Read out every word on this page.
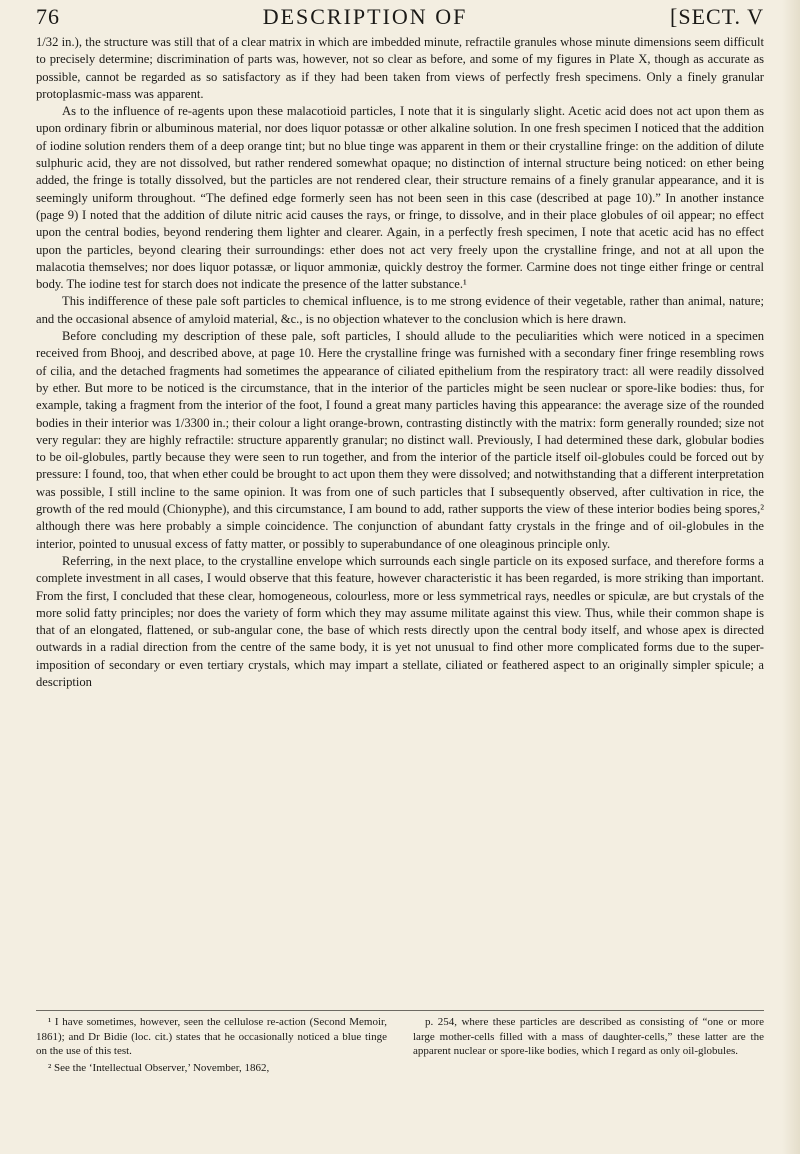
76	DESCRIPTION OF	[SECT. V

1/32 in.), the structure was still that of a clear matrix in which are imbedded minute, refractile granules whose minute dimensions seem difficult to precisely determine; discrimination of parts was, however, not so clear as before, and some of my figures in Plate X, though as accurate as possible, cannot be regarded as so satisfactory as if they had been taken from views of perfectly fresh specimens. Only a finely granular protoplasmic-mass was apparent.

As to the influence of re-agents upon these malacotioid particles, I note that it is singularly slight. Acetic acid does not act upon them as upon ordinary fibrin or albuminous material, nor does liquor potassæ or other alkaline solution. In one fresh specimen I noticed that the addition of iodine solution renders them of a deep orange tint; but no blue tinge was apparent in them or their crystalline fringe: on the addition of dilute sulphuric acid, they are not dissolved, but rather rendered somewhat opaque; no distinction of internal structure being noticed: on ether being added, the fringe is totally dissolved, but the particles are not rendered clear, their structure remains of a finely granular appearance, and it is seemingly uniform throughout. “The defined edge formerly seen has not been seen in this case (described at page 10).” In another instance (page 9) I noted that the addition of dilute nitric acid causes the rays, or fringe, to dissolve, and in their place globules of oil appear; no effect upon the central bodies, beyond rendering them lighter and clearer. Again, in a perfectly fresh specimen, I note that acetic acid has no effect upon the particles, beyond clearing their surroundings: ether does not act very freely upon the crystalline fringe, and not at all upon the malacotia themselves; nor does liquor potassæ, or liquor ammoniæ, quickly destroy the former. Carmine does not tinge either fringe or central body. The iodine test for starch does not indicate the presence of the latter substance.¹

This indifference of these pale soft particles to chemical influence, is to me strong evidence of their vegetable, rather than animal, nature; and the occasional absence of amyloid material, &c., is no objection whatever to the conclusion which is here drawn.

Before concluding my description of these pale, soft particles, I should allude to the peculiarities which were noticed in a specimen received from Bhooj, and described above, at page 10. Here the crystalline fringe was furnished with a secondary finer fringe resembling rows of cilia, and the detached fragments had sometimes the appearance of ciliated epithelium from the respiratory tract: all were readily dissolved by ether. But more to be noticed is the circumstance, that in the interior of the particles might be seen nuclear or spore-like bodies: thus, for example, taking a fragment from the interior of the foot, I found a great many particles having this appearance: the average size of the rounded bodies in their interior was 1/3300 in.; their colour a light orange-brown, contrasting distinctly with the matrix: form generally rounded; size not very regular: they are highly refractile: structure apparently granular; no distinct wall. Previously, I had determined these dark, globular bodies to be oil-globules, partly because they were seen to run together, and from the interior of the particle itself oil-globules could be forced out by pressure: I found, too, that when ether could be brought to act upon them they were dissolved; and notwithstanding that a different interpretation was possible, I still incline to the same opinion. It was from one of such particles that I subsequently observed, after cultivation in rice, the growth of the red mould (Chionyphe), and this circumstance, I am bound to add, rather supports the view of these interior bodies being spores,² although there was here probably a simple coincidence. The conjunction of abundant fatty crystals in the fringe and of oil-globules in the interior, pointed to unusual excess of fatty matter, or possibly to superabundance of one oleaginous principle only.

Referring, in the next place, to the crystalline envelope which surrounds each single particle on its exposed surface, and therefore forms a complete investment in all cases, I would observe that this feature, however characteristic it has been regarded, is more striking than important. From the first, I concluded that these clear, homogeneous, colourless, more or less symmetrical rays, needles or spiculæ, are but crystals of the more solid fatty principles; nor does the variety of form which they may assume militate against this view. Thus, while their common shape is that of an elongated, flattened, or sub-angular cone, the base of which rests directly upon the central body itself, and whose apex is directed outwards in a radial direction from the centre of the same body, it is yet not unusual to find other more complicated forms due to the super-imposition of secondary or even tertiary crystals, which may impart a stellate, ciliated or feathered aspect to an originally simpler spicule; a description

¹ I have sometimes, however, seen the cellulose re-action (Second Memoir, 1861); and Dr Bidie (loc. cit.) states that he occasionally noticed a blue tinge on the use of this test.

² See the ‘Intellectual Observer,’ November, 1862,

p. 254, where these particles are described as consisting of “one or more large mother-cells filled with a mass of daughter-cells,” these latter are the apparent nuclear or spore-like bodies, which I regard as only oil-globules.
